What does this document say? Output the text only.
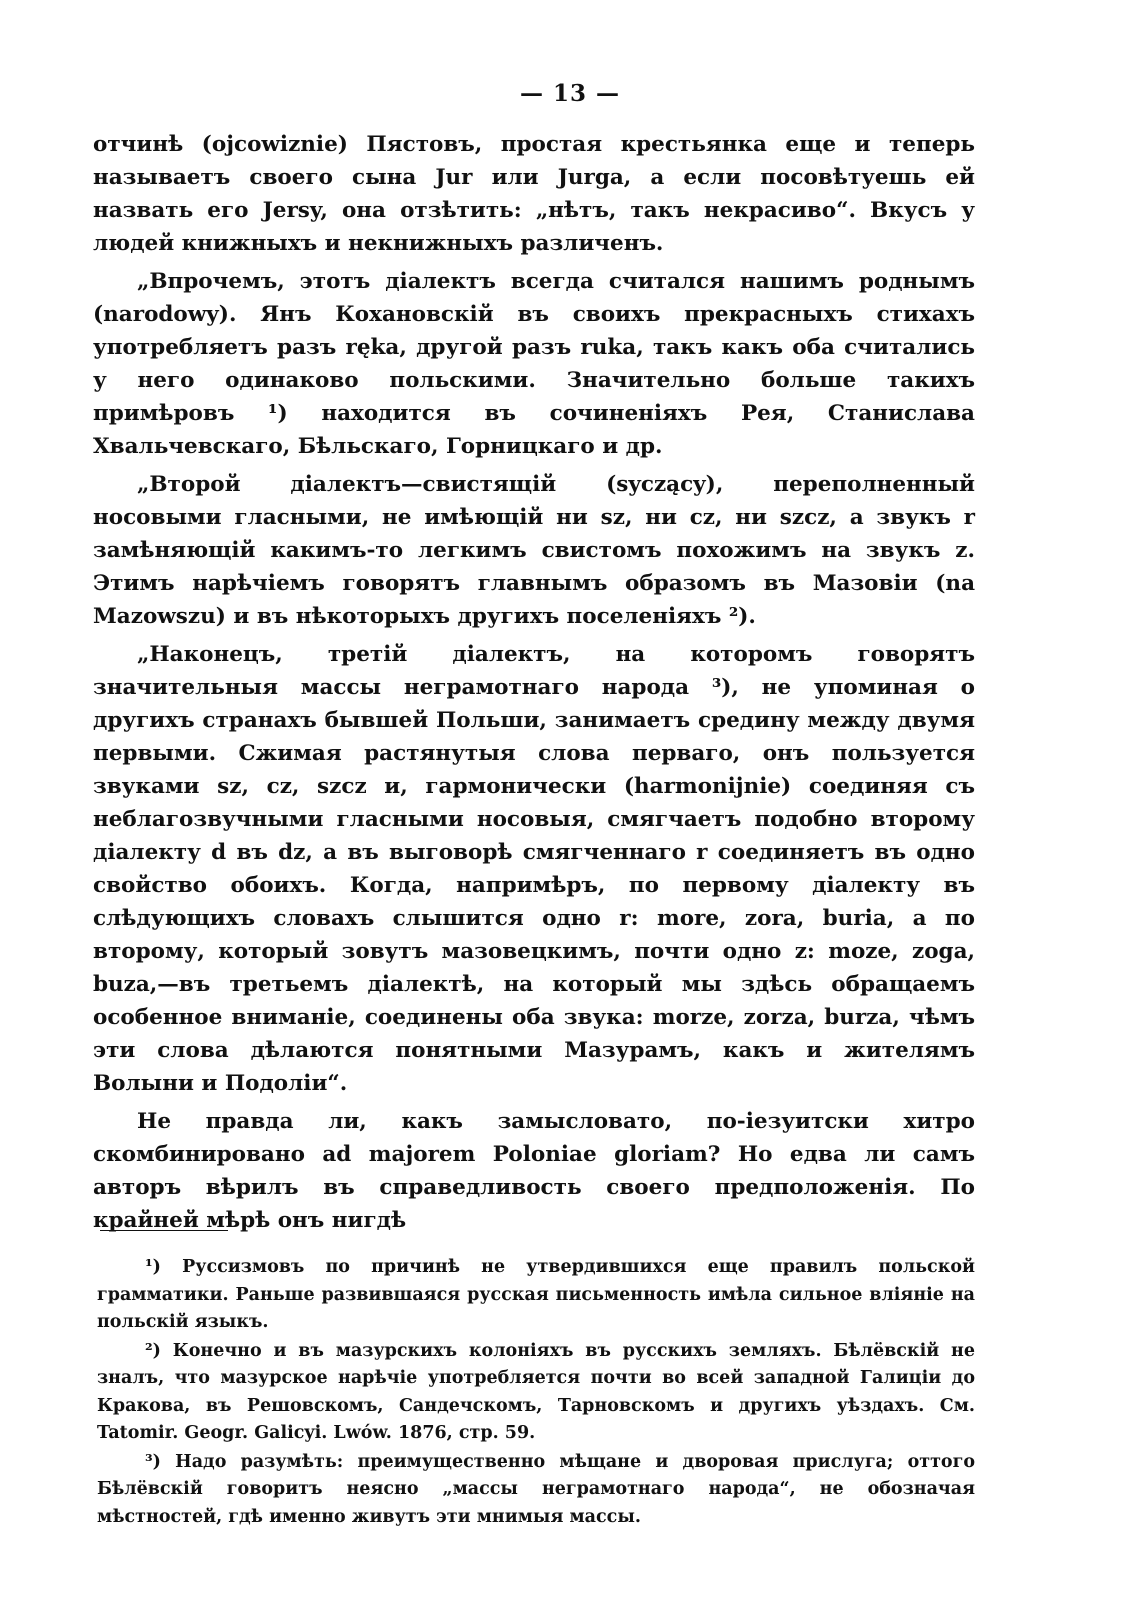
— 13 —

отчинѣ (ojcowiznie) Пястовъ, простая крестьянка еще и теперь называетъ своего сына Jur или Jurga, а если посовѣтуешь ей назвать его Jersy, она отзѣтить: „нѣтъ, такъ некрасиво“. Вкусъ у людей книжныхъ и некнижныхъ различенъ.

„Впрочемъ, этотъ діалектъ всегда считался нашимъ роднымъ (narodowy). Янъ Кохановскій въ своихъ прекрасныхъ стихахъ употребляетъ разъ ręka, другой разъ ruka, такъ какъ оба считались у него одинаково польскими. Значительно больше такихъ примѣровъ ¹) находится въ сочиненіяхъ Рея, Станислава Хвальчевскаго, Бѣльскаго, Горницкаго и др.

„Второй діалектъ—свистящій (syczący), переполненный носовыми гласными, не имѣющій ни sz, ни cz, ни szcz, а звукъ r замѣняющій какимъ-то легкимъ свистомъ похожимъ на звукъ z. Этимъ нарѣчіемъ говорятъ главнымъ образомъ въ Мазовіи (na Mazowszu) и въ нѣкоторыхъ другихъ поселеніяхъ ²).

„Наконецъ, третій діалектъ, на которомъ говорятъ значительныя массы неграмотнаго народа ³), не упоминая о другихъ странахъ бывшей Польши, занимаетъ средину между двумя первыми. Сжимая растянутыя слова перваго, онъ пользуется звуками sz, cz, szcz и, гармонически (harmonijnie) соединяя съ неблагозвучными гласными носовыя, смягчаетъ подобно второму діалекту d въ dz, а въ выговорѣ смягченнаго r соединяетъ въ одно свойство обоихъ. Когда, напримѣръ, по первому діалекту въ слѣдующихъ словахъ слышится одно r: more, zora, buria, а по второму, который зовутъ мазовецкимъ, почти одно z: moze, zoga, buza,—въ третьемъ діалектѣ, на который мы здѣсь обращаемъ особенное вниманіе, соединены оба звука: morze, zorza, burza, чѣмъ эти слова дѣлаются понятными Мазурамъ, какъ и жителямъ Волыни и Подоліи“.

Не правда ли, какъ замысловато, по-іезуитски хитро скомбинировано ad majorem Poloniae gloriam? Но едва ли самъ авторъ вѣрилъ въ справедливость своего предположенія. По крайней мѣрѣ онъ нигдѣ

¹) Руссизмовъ по причинѣ не утвердившихся еще правилъ польской грамматики. Раньше развившаяся русская письменность имѣла сильное вліяніе на польскій языкъ.

²) Конечно и въ мазурскихъ колоніяхъ въ русскихъ земляхъ. Бѣлёвскій не зналъ, что мазурское нарѣчіе употребляется почти во всей западной Галиціи до Кракова, въ Решовскомъ, Сандечскомъ, Тарновскомъ и другихъ уѣздахъ. См. Tatomir. Geogr. Galicyi. Lwów. 1876, стр. 59.

³) Надо разумѣть: преимущественно мѣщане и дворовая прислуга; оттого Бѣлёвскій говоритъ неясно „массы неграмотнаго народа“, не обозначая мѣстностей, гдѣ именно живутъ эти мнимыя массы.
